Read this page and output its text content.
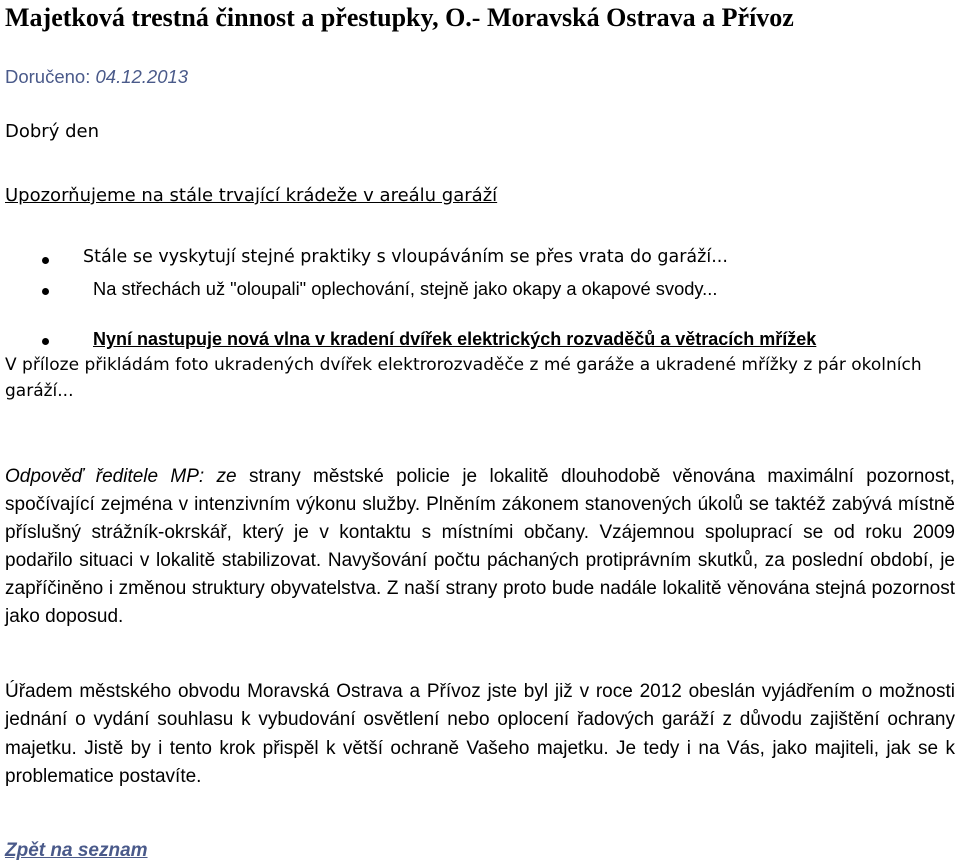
Majetková trestná činnost a přestupky, O.- Moravská Ostrava a Přívoz
Doručeno: 04.12.2013
Dobrý den
Upozorňujeme na stále trvající krádeže v areálu garáží
Stále se vyskytují stejné praktiky s vloupáváním se přes vrata do garáží...
Na střechách už "oloupali" oplechování, stejně jako okapy a okapové svody...
Nyní nastupuje nová vlna v kradení dvířek elektrických rozvaděčů a větracích mřížek
V příloze přikládám foto ukradených dvířek elektrorozvaděče z mé garáže a ukradené mřížky z pár okolních garáží...
Odpověď ředitele MP: ze strany městské policie je lokalitě dlouhodobě věnována maximální pozornost, spočívající zejména v intenzivním výkonu služby. Plněním zákonem stanovených úkolů se taktéž zabývá místně příslušný strážník-okrskář, který je v kontaktu s místními občany. Vzájemnou spoluprací se od roku 2009 podařilo situaci v lokalitě stabilizovat. Navyšování počtu páchaných protiprávním skutků, za poslední období, je zapříčiněno i změnou struktury obyvatelstva. Z naší strany proto bude nadále lokalitě věnována stejná pozornost jako doposud.
Úřadem městského obvodu Moravská Ostrava a Přívoz jste byl již v roce 2012 obeslán vyjádřením o možnosti jednání o vydání souhlasu k vybudování osvětlení nebo oplocení řadových garáží z důvodu zajištění ochrany majetku. Jistě by i tento krok přispěl k větší ochraně Vašeho majetku. Je tedy i na Vás, jako majiteli, jak se k problematice postavíte.
Zpět na seznam
